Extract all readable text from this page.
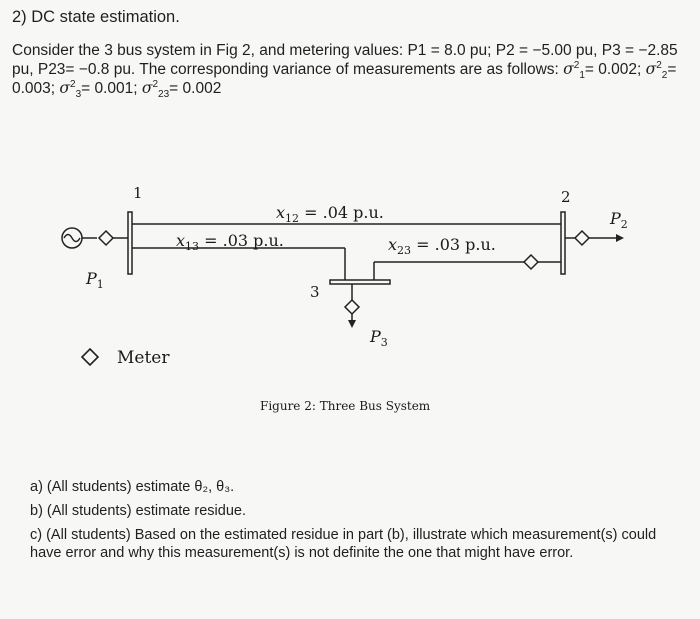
2) DC state estimation.
Consider the 3 bus system in Fig 2, and metering values: P1 = 8.0 pu; P2 = −5.00 pu, P3 = −2.85
pu, P23= −0.8 pu. The corresponding variance of measurements are as follows: $\sigma^2_1= 0.002$; $\sigma^2_2=$
0.003; $\sigma^2_3= 0.001$; $\sigma^2_{23}= 0.002$
1	2
3
$x_{12} = .04$ p.u.
$x_{13} = .03$ p.u.	$x_{23} = .03$ p.u.
$P_1$
$P_2$
$P_3$
Meter
Figure 2: Three Bus System

a) (All students) estimate θ₂, θ₃.

b) (All students) estimate residue.

c) (All students) Based on the estimated residue in part (b), illustrate which measurement(s) could have error and why this measurement(s) is not definite the one that might have error.
